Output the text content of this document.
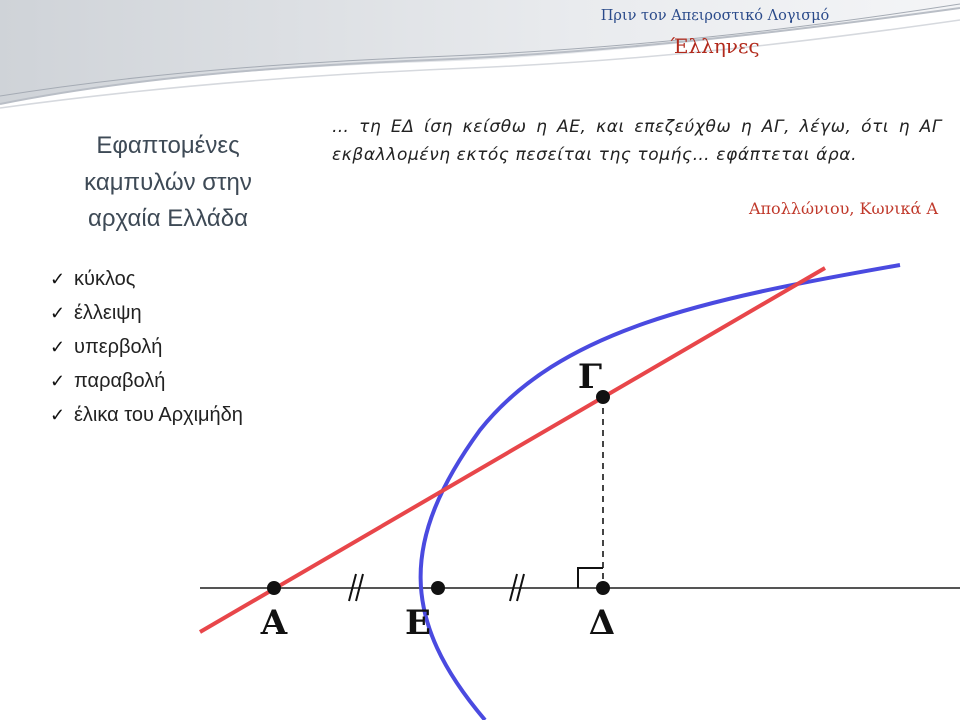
Πριν τον Απειροστικό Λογισμό
Έλληνες
Εφαπτομένες
καμπυλών στην
αρχαία Ελλάδα
… τη ΕΔ ίση κείσθω η ΑΕ, και επεζεύχθω η ΑΓ, λέγω, ότι η ΑΓ εκβαλλομένη εκτός πεσείται της τομής… εφάπτεται άρα.
Απολλώνιου, Κωνικά Α
✓ κύκλος
✓ έλλειψη
✓ υπερβολή
✓ παραβολή
✓ έλικα του Αρχιμήδη
Α	Ε	Δ
Γ
